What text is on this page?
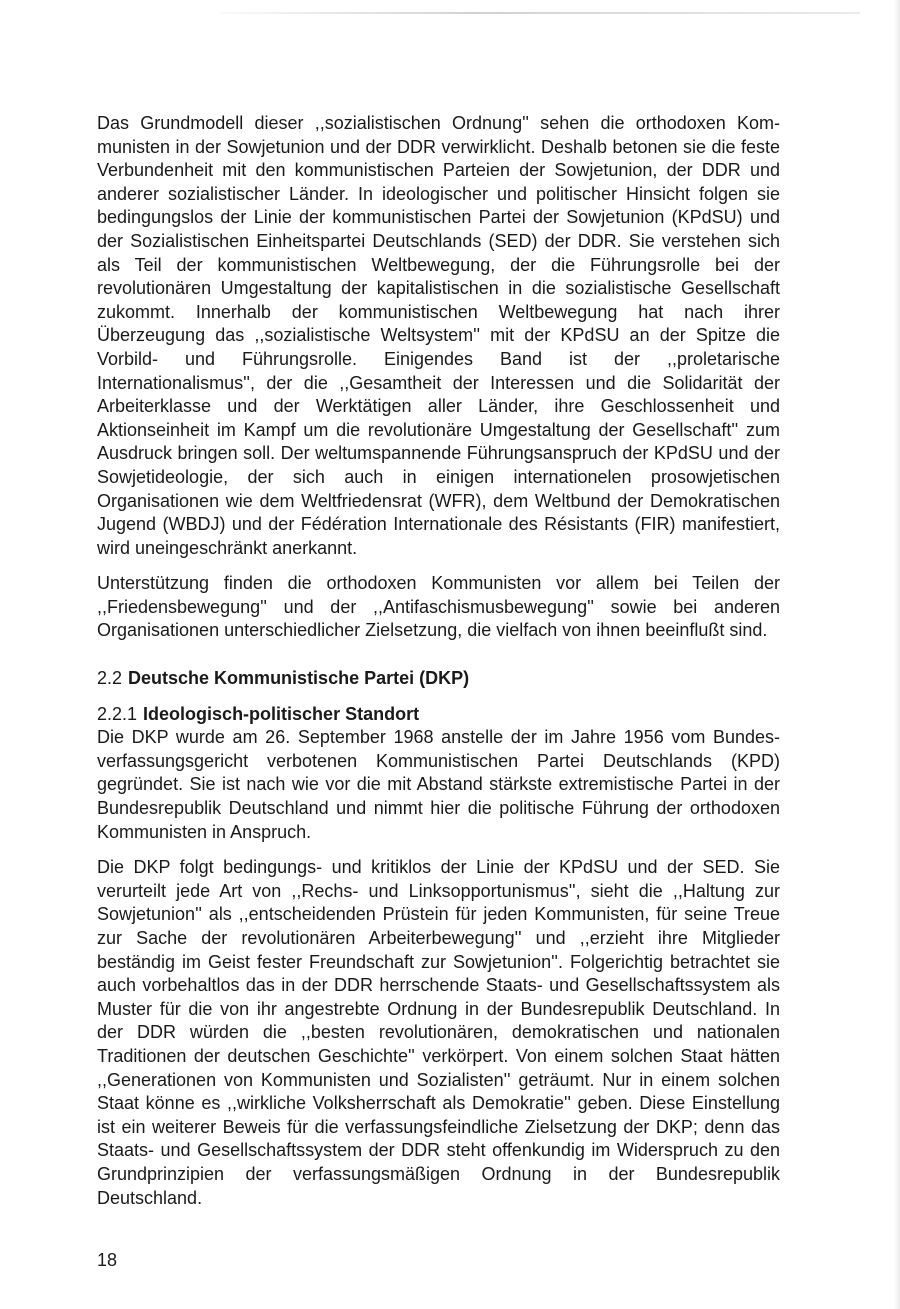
Das Grundmodell dieser ,,sozialistischen Ordnung'' sehen die orthodoxen Kommunisten in der Sowjetunion und der DDR verwirklicht. Deshalb betonen sie die feste Verbundenheit mit den kommunistischen Parteien der Sowjetunion, der DDR und anderer sozialistischer Länder. In ideologischer und politischer Hinsicht folgen sie bedingungslos der Linie der kommunistischen Partei der Sowjetunion (KPdSU) und der Sozialistischen Einheitspartei Deutschlands (SED) der DDR. Sie verstehen sich als Teil der kommunistischen Weltbewegung, der die Führungsrolle bei der revolutionären Umgestaltung der kapitalistischen in die sozialistische Gesellschaft zukommt. Innerhalb der kommunistischen Weltbewegung hat nach ihrer Überzeugung das ,,sozialistische Weltsystem'' mit der KPdSU an der Spitze die Vorbild- und Führungsrolle. Einigendes Band ist der ,,proletarische Internationalismus'', der die ,,Gesamtheit der Interessen und die Solidarität der Arbeiterklasse und der Werktätigen aller Länder, ihre Geschlossenheit und Aktionseinheit im Kampf um die revolutionäre Umgestaltung der Gesellschaft'' zum Ausdruck bringen soll. Der weltumspannende Führungsanspruch der KPdSU und der Sowjetideologie, der sich auch in einigen internationelen prosowjetischen Organisationen wie dem Weltfriedensrat (WFR), dem Weltbund der Demokratischen Jugend (WBDJ) und der Fédération Internationale des Résistants (FIR) manifestiert, wird uneingeschränkt anerkannt.

Unterstützung finden die orthodoxen Kommunisten vor allem bei Teilen der ,,Friedensbewegung'' und der ,,Antifaschismusbewegung'' sowie bei anderen Organisationen unterschiedlicher Zielsetzung, die vielfach von ihnen beeinflußt sind.

2.2 Deutsche Kommunistische Partei (DKP)
2.2.1 Ideologisch-politischer Standort

Die DKP wurde am 26. September 1968 anstelle der im Jahre 1956 vom Bundesverfassungsgericht verbotenen Kommunistischen Partei Deutschlands (KPD) gegründet. Sie ist nach wie vor die mit Abstand stärkste extremistische Partei in der Bundesrepublik Deutschland und nimmt hier die politische Führung der orthodoxen Kommunisten in Anspruch.

Die DKP folgt bedingungs- und kritiklos der Linie der KPdSU und der SED. Sie verurteilt jede Art von ,,Rechs- und Linksopportunismus'', sieht die ,,Haltung zur Sowjetunion'' als ,,entscheidenden Prüstein für jeden Kommunisten, für seine Treue zur Sache der revolutionären Arbeiterbewegung'' und ,,erzieht ihre Mitglieder beständig im Geist fester Freundschaft zur Sowjetunion''. Folgerichtig betrachtet sie auch vorbehaltlos das in der DDR herrschende Staats- und Gesellschaftssystem als Muster für die von ihr angestrebte Ordnung in der Bundesrepublik Deutschland. In der DDR würden die ,,besten revolutionären, demokratischen und nationalen Traditionen der deutschen Geschichte'' verkörpert. Von einem solchen Staat hätten ,,Generationen von Kommunisten und Sozialisten'' geträumt. Nur in einem solchen Staat könne es ,,wirkliche Volksherrschaft als Demokratie'' geben. Diese Einstellung ist ein weiterer Beweis für die verfassungsfeindliche Zielsetzung der DKP; denn das Staats- und Gesellschaftssystem der DDR steht offenkundig im Widerspruch zu den Grundprinzipien der verfassungsmäßigen Ordnung in der Bundesrepublik Deutschland.

18
